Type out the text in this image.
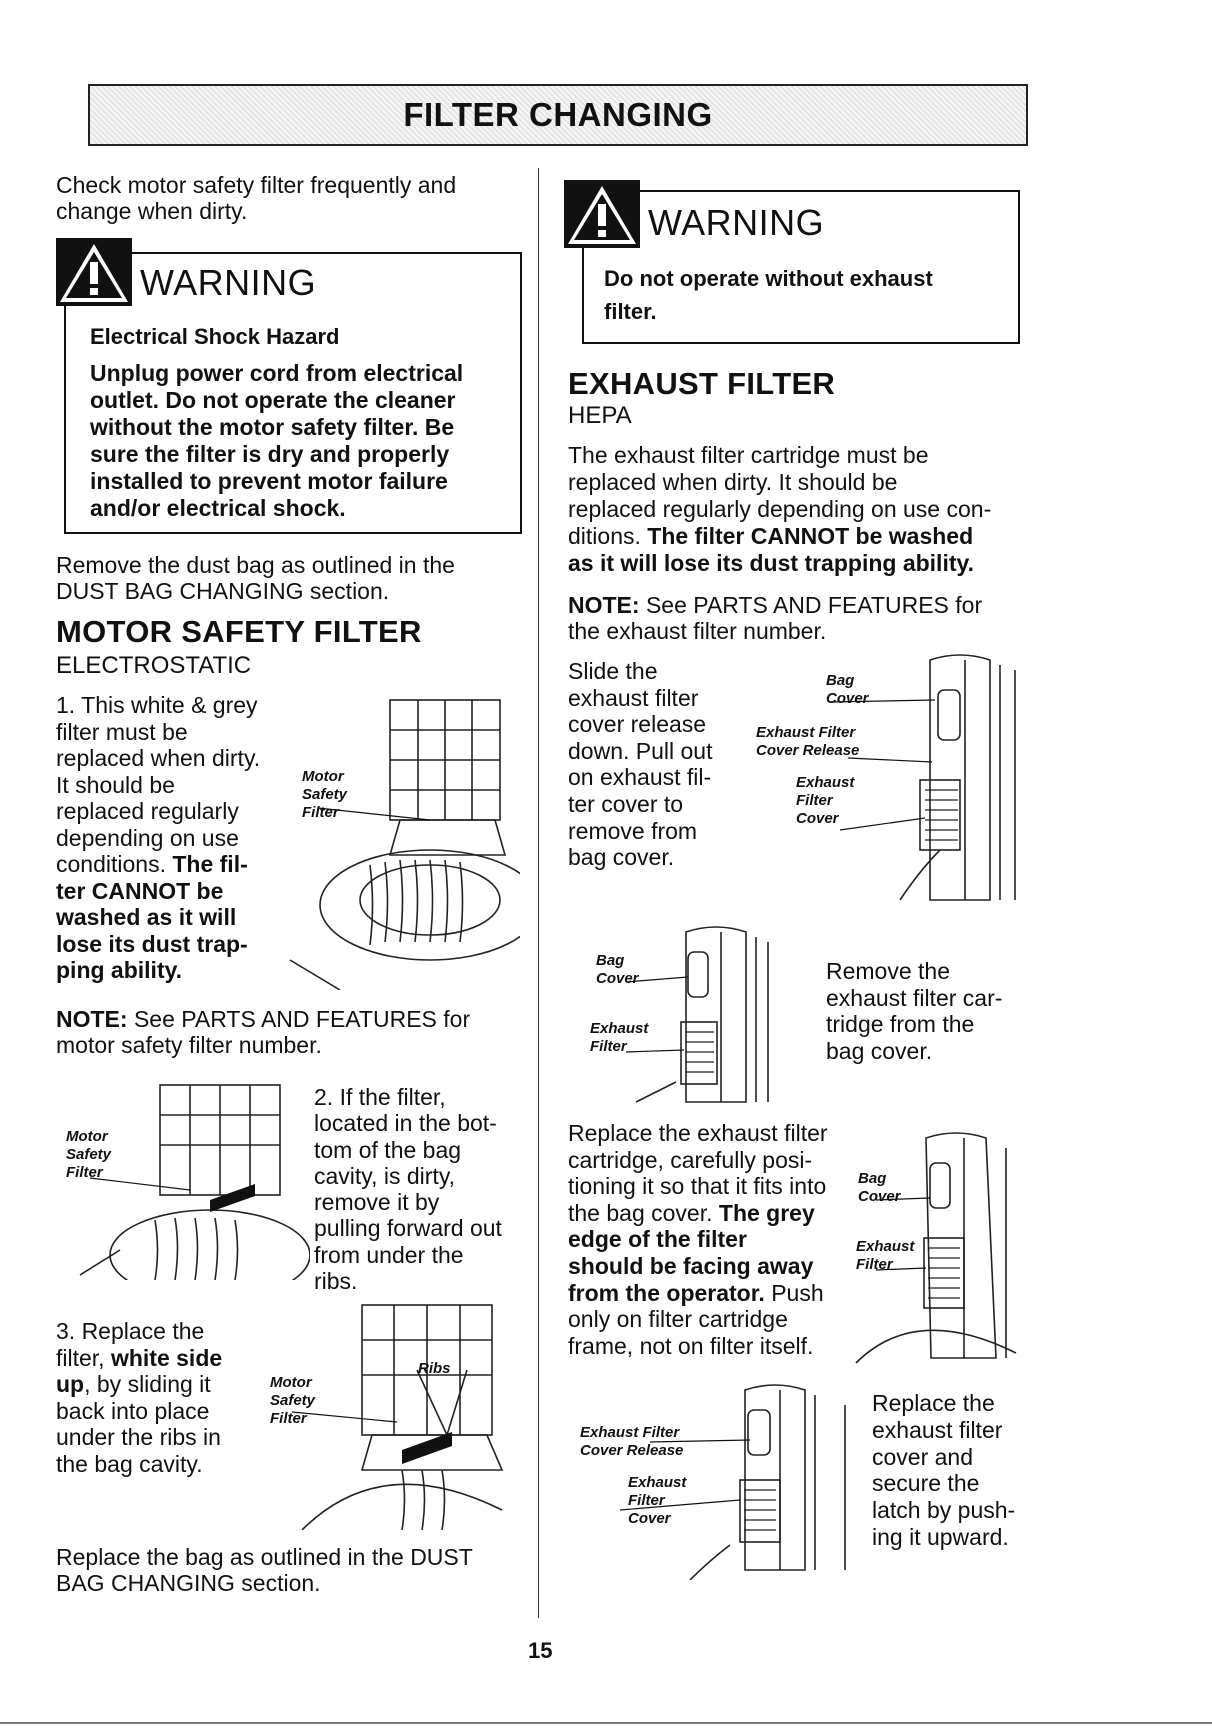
FILTER CHANGING
Check motor safety filter frequently and change when dirty.
WARNING
Electrical Shock Hazard
Unplug power cord from electrical
outlet. Do not operate the cleaner
without the motor safety filter. Be
sure the filter is dry and properly
installed to prevent motor failure
and/or electrical shock.
Remove the dust bag as outlined in the
DUST BAG CHANGING section.
MOTOR SAFETY FILTER
ELECTROSTATIC
1. This white & grey
filter must be
replaced when dirty.
It should be
replaced regularly
depending on use
conditions. The fil-
ter CANNOT be
washed as it will
lose its dust trap-
ping ability.
Motor
Safety
Filter
NOTE: See PARTS AND FEATURES for
motor safety filter number.
Motor
Safety
Filter
2. If the filter,
located in the bot-
tom of the bag
cavity, is dirty,
remove it by
pulling forward out
from under the
ribs.
3. Replace the
filter, white side
up, by sliding it
back into place
under the ribs in
the bag cavity.
Motor
Safety
Filter
Ribs
Replace the bag as outlined in the DUST
BAG CHANGING section.
WARNING
Do not operate without exhaust
filter.
EXHAUST FILTER
HEPA
The exhaust filter cartridge must be
replaced when dirty. It should be
replaced regularly depending on use con-
ditions. The filter CANNOT be washed
as it will lose its dust trapping ability.
NOTE: See PARTS AND FEATURES for
the exhaust filter number.
Slide the
exhaust filter
cover release
down. Pull out
on exhaust fil-
ter cover to
remove from
bag cover.
Bag
Cover
Exhaust Filter
Cover Release
Exhaust
Filter
Cover
Bag
Cover
Exhaust
Filter
Remove the
exhaust filter car-
tridge from the
bag cover.
Replace the exhaust filter
cartridge, carefully posi-
tioning it so that it fits into
the bag cover. The grey
edge of the filter
should be facing away
from the operator. Push
only on filter cartridge
frame, not on filter itself.
Bag
Cover
Exhaust
Filter
Exhaust Filter
Cover Release
Exhaust
Filter
Cover
Replace the
exhaust filter
cover and
secure the
latch by push-
ing it upward.
15
